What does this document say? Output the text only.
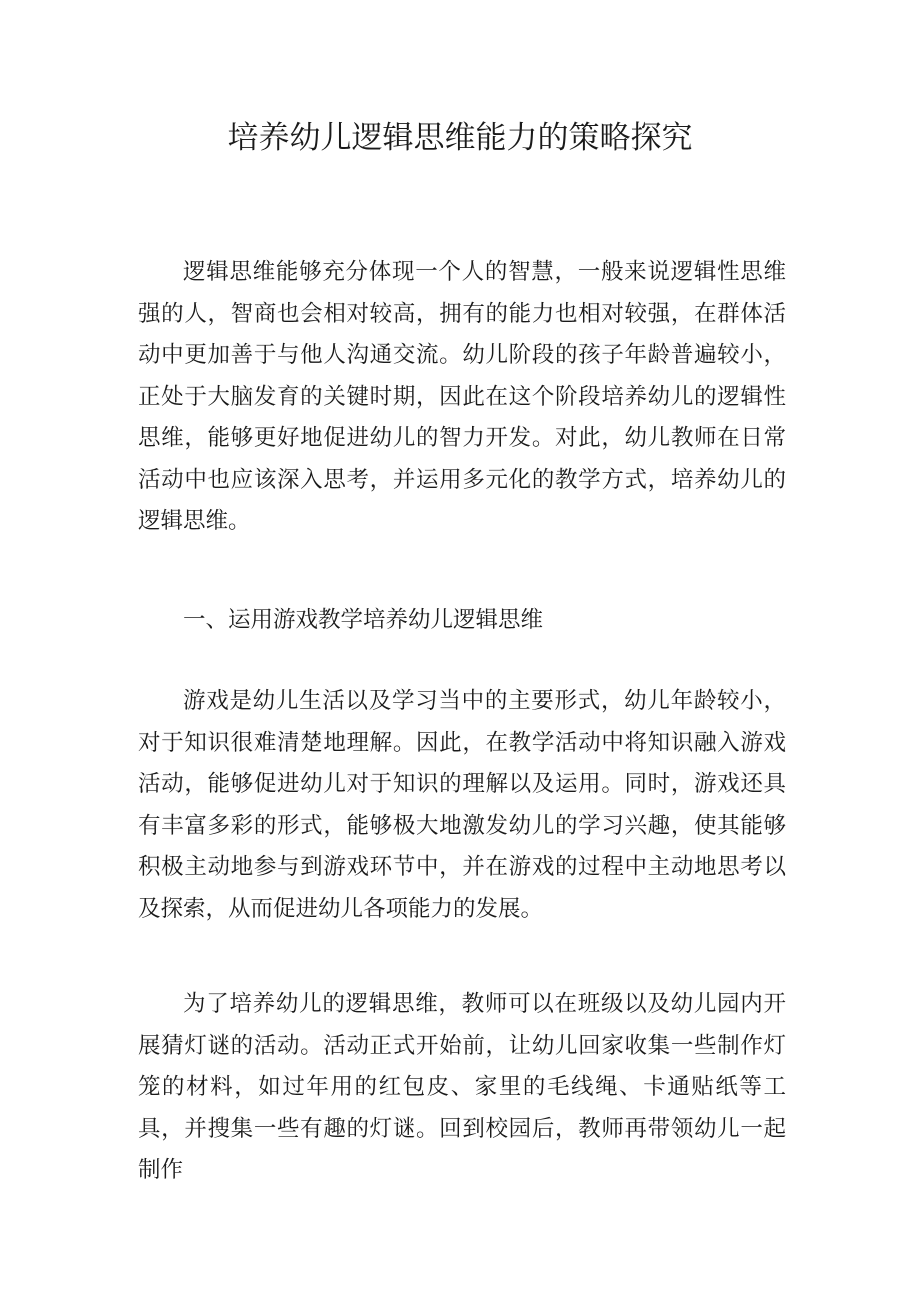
培养幼儿逻辑思维能力的策略探究

逻辑思维能够充分体现一个人的智慧，一般来说逻辑性思维强的人，智商也会相对较高，拥有的能力也相对较强，在群体活动中更加善于与他人沟通交流。幼儿阶段的孩子年龄普遍较小，正处于大脑发育的关键时期，因此在这个阶段培养幼儿的逻辑性思维，能够更好地促进幼儿的智力开发。对此，幼儿教师在日常活动中也应该深入思考，并运用多元化的教学方式，培养幼儿的逻辑思维。

一、运用游戏教学培养幼儿逻辑思维

游戏是幼儿生活以及学习当中的主要形式，幼儿年龄较小，对于知识很难清楚地理解。因此，在教学活动中将知识融入游戏活动，能够促进幼儿对于知识的理解以及运用。同时，游戏还具有丰富多彩的形式，能够极大地激发幼儿的学习兴趣，使其能够积极主动地参与到游戏环节中，并在游戏的过程中主动地思考以及探索，从而促进幼儿各项能力的发展。

为了培养幼儿的逻辑思维，教师可以在班级以及幼儿园内开展猜灯谜的活动。活动正式开始前，让幼儿回家收集一些制作灯笼的材料，如过年用的红包皮、家里的毛线绳、卡通贴纸等工具，并搜集一些有趣的灯谜。回到校园后，教师再带领幼儿一起制作
